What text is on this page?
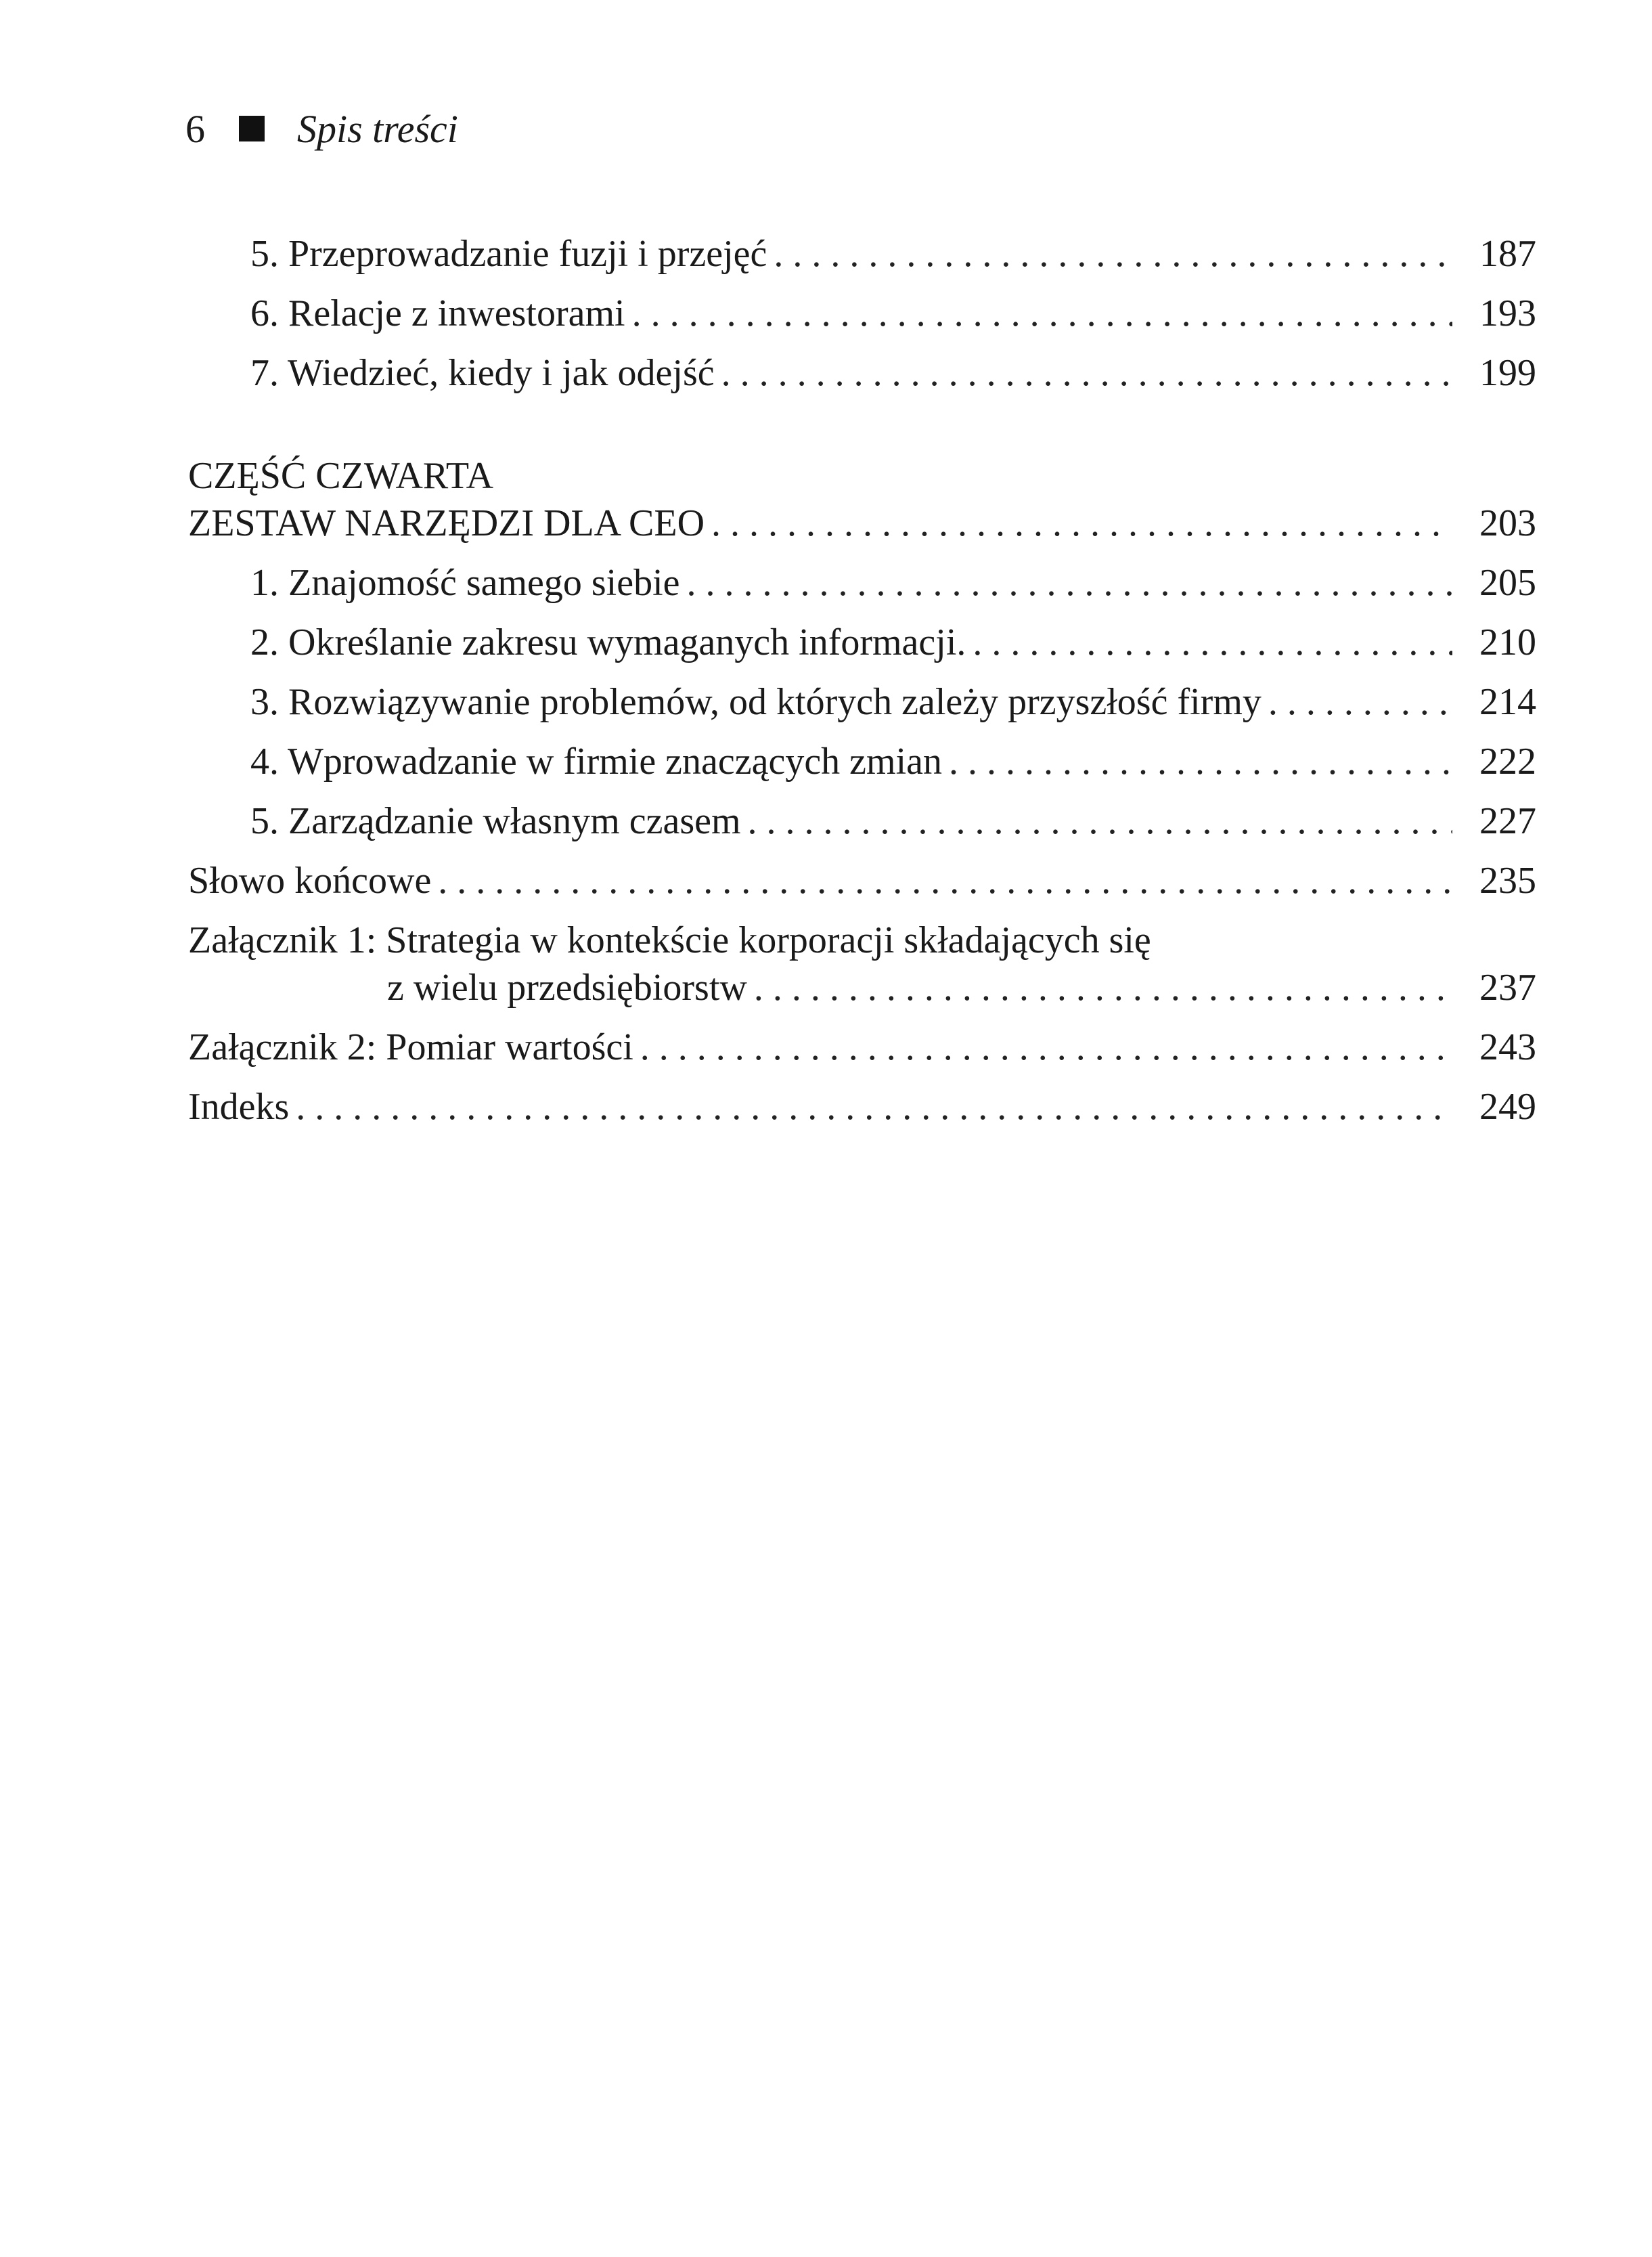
6 Spis treści
5. Przeprowadzanie fuzji i przejęć . . .	187
6. Relacje z inwestorami . . .	193
7. Wiedzieć, kiedy i jak odejść . . .	199
CZĘŚĆ CZWARTA
ZESTAW NARZĘDZI DLA CEO . . .	203
1. Znajomość samego siebie . . .	205
2. Określanie zakresu wymaganych informacji. . . .	210
3. Rozwiązywanie problemów, od których zależy przyszłość firmy . . .	214
4. Wprowadzanie w firmie znaczących zmian . . .	222
5. Zarządzanie własnym czasem . . .	227
Słowo końcowe . . .	235
Załącznik 1: Strategia w kontekście korporacji składających się
z wielu przedsiębiorstw . . .	237
Załącznik 2: Pomiar wartości . . .	243
Indeks . . .	249
